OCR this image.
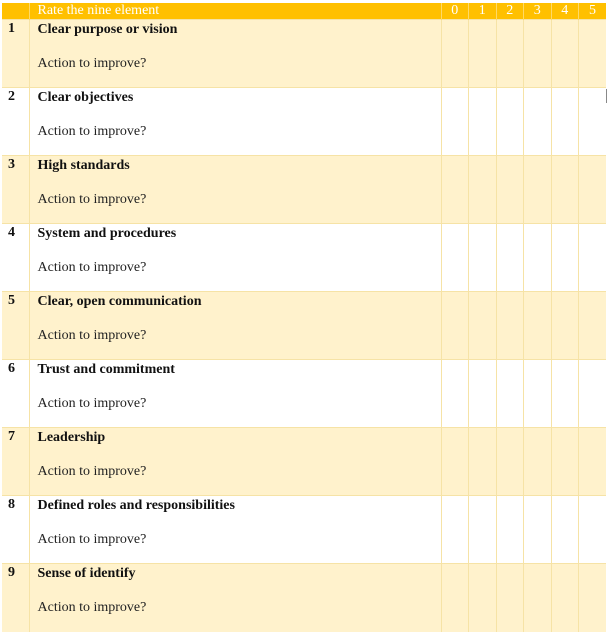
	Rate the nine element	0	1	2	3	4	5

1	Clear purpose or vision
Action to improve?						

2	Clear objectives
Action to improve?						

3	High standards
Action to improve?						

4	System and procedures
Action to improve?						

5	Clear, open communication
Action to improve?						

6	Trust and commitment
Action to improve?						

7	Leadership
Action to improve?						

8	Defined roles and responsibilities
Action to improve?						

9	Sense of identify
Action to improve?						
